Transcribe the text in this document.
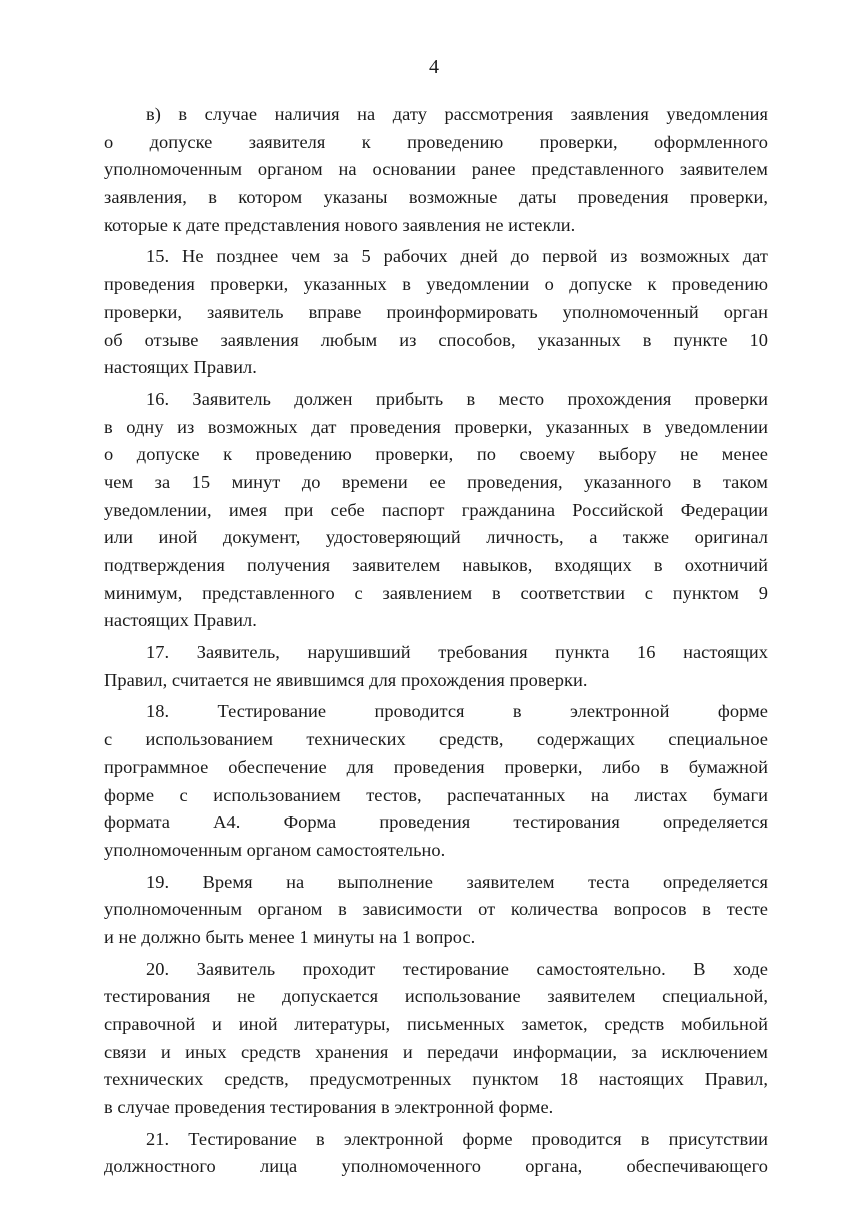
4
в) в случае наличия на дату рассмотрения заявления уведомления
о допуске заявителя к проведению проверки, оформленного
уполномоченным органом на основании ранее представленного заявителем
заявления, в котором указаны возможные даты проведения проверки,
которые к дате представления нового заявления не истекли.
15. Не позднее чем за 5 рабочих дней до первой из возможных дат
проведения проверки, указанных в уведомлении о допуске к проведению
проверки, заявитель вправе проинформировать уполномоченный орган
об отзыве заявления любым из способов, указанных в пункте 10
настоящих Правил.
16. Заявитель должен прибыть в место прохождения проверки
в одну из возможных дат проведения проверки, указанных в уведомлении
о допуске к проведению проверки, по своему выбору не менее
чем за 15 минут до времени ее проведения, указанного в таком
уведомлении, имея при себе паспорт гражданина Российской Федерации
или иной документ, удостоверяющий личность, а также оригинал
подтверждения получения заявителем навыков, входящих в охотничий
минимум, представленного с заявлением в соответствии с пунктом 9
настоящих Правил.
17. Заявитель, нарушивший требования пункта 16 настоящих
Правил, считается не явившимся для прохождения проверки.
18. Тестирование проводится в электронной форме
с использованием технических средств, содержащих специальное
программное обеспечение для проведения проверки, либо в бумажной
форме с использованием тестов, распечатанных на листах бумаги
формата А4. Форма проведения тестирования определяется
уполномоченным органом самостоятельно.
19. Время на выполнение заявителем теста определяется
уполномоченным органом в зависимости от количества вопросов в тесте
и не должно быть менее 1 минуты на 1 вопрос.
20. Заявитель проходит тестирование самостоятельно. В ходе
тестирования не допускается использование заявителем специальной,
справочной и иной литературы, письменных заметок, средств мобильной
связи и иных средств хранения и передачи информации, за исключением
технических средств, предусмотренных пунктом 18 настоящих Правил,
в случае проведения тестирования в электронной форме.
21. Тестирование в электронной форме проводится в присутствии
должностного лица уполномоченного органа, обеспечивающего
